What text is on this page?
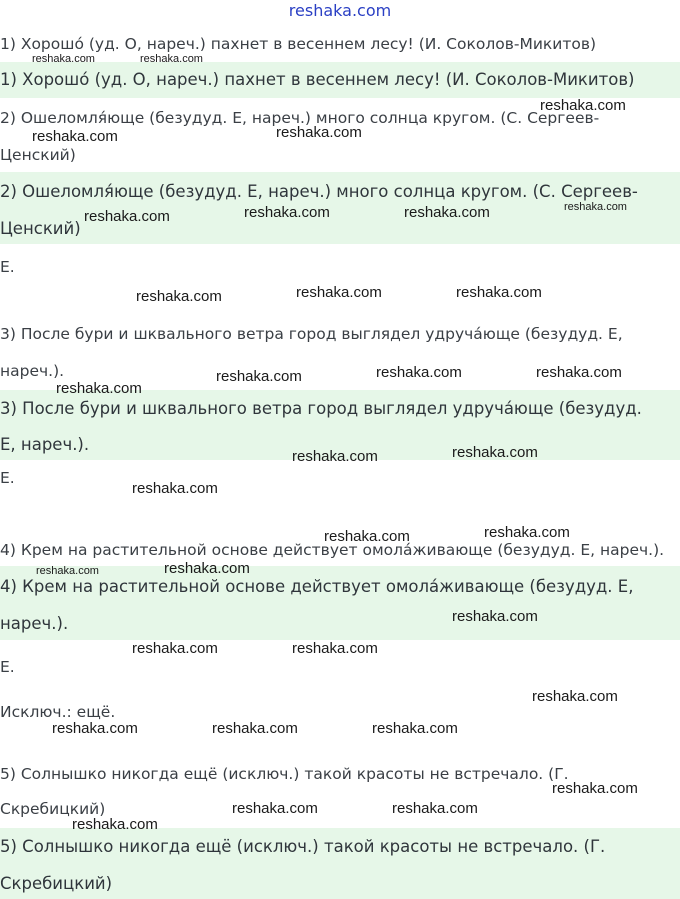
reshaka.com
1) Хорошо́ (уд. О, нареч.) пахнет в весеннем лесу! (И. Соколов-Микитов)
1) Хорошо́ (уд. О, нареч.) пахнет в весеннем лесу! (И. Соколов-Микитов)
2) Ошеломля́юще (безудуд. Е, нареч.) много солнца кругом. (С. Сергеев-
Ценский)
2) Ошеломля́юще (безудуд. Е, нареч.) много солнца кругом. (С. Сергеев-
Ценский)
Е.
3) После бури и шквального ветра город выглядел удруча́юще (безудуд. Е,
нареч.).
3) После бури и шквального ветра город выглядел удруча́юще (безудуд.
Е, нареч.).
Е.
4) Крем на растительной основе действует омола́живающе (безудуд. Е, нареч.).
4) Крем на растительной основе действует омола́живающе (безудуд. Е,
нареч.).
Е.
Исключ.: ещё.
5) Солнышко никогда ещё (исключ.) такой красоты не встречало. (Г.
Скребицкий)
5) Солнышко никогда ещё (исключ.) такой красоты не встречало. (Г.
Скребицкий)
reshaka.com	reshaka.com
reshaka.com
reshaka.com	reshaka.com
reshaka.com	reshaka.com	reshaka.com	reshaka.com
reshaka.com	reshaka.com	reshaka.com
reshaka.com
reshaka.com	reshaka.com	reshaka.com
reshaka.com	reshaka.com
reshaka.com
reshaka.com	reshaka.com
reshaka.com	reshaka.com
reshaka.com
reshaka.com	reshaka.com
reshaka.com
reshaka.com	reshaka.com	reshaka.com
reshaka.com
reshaka.com	reshaka.com
reshaka.com
